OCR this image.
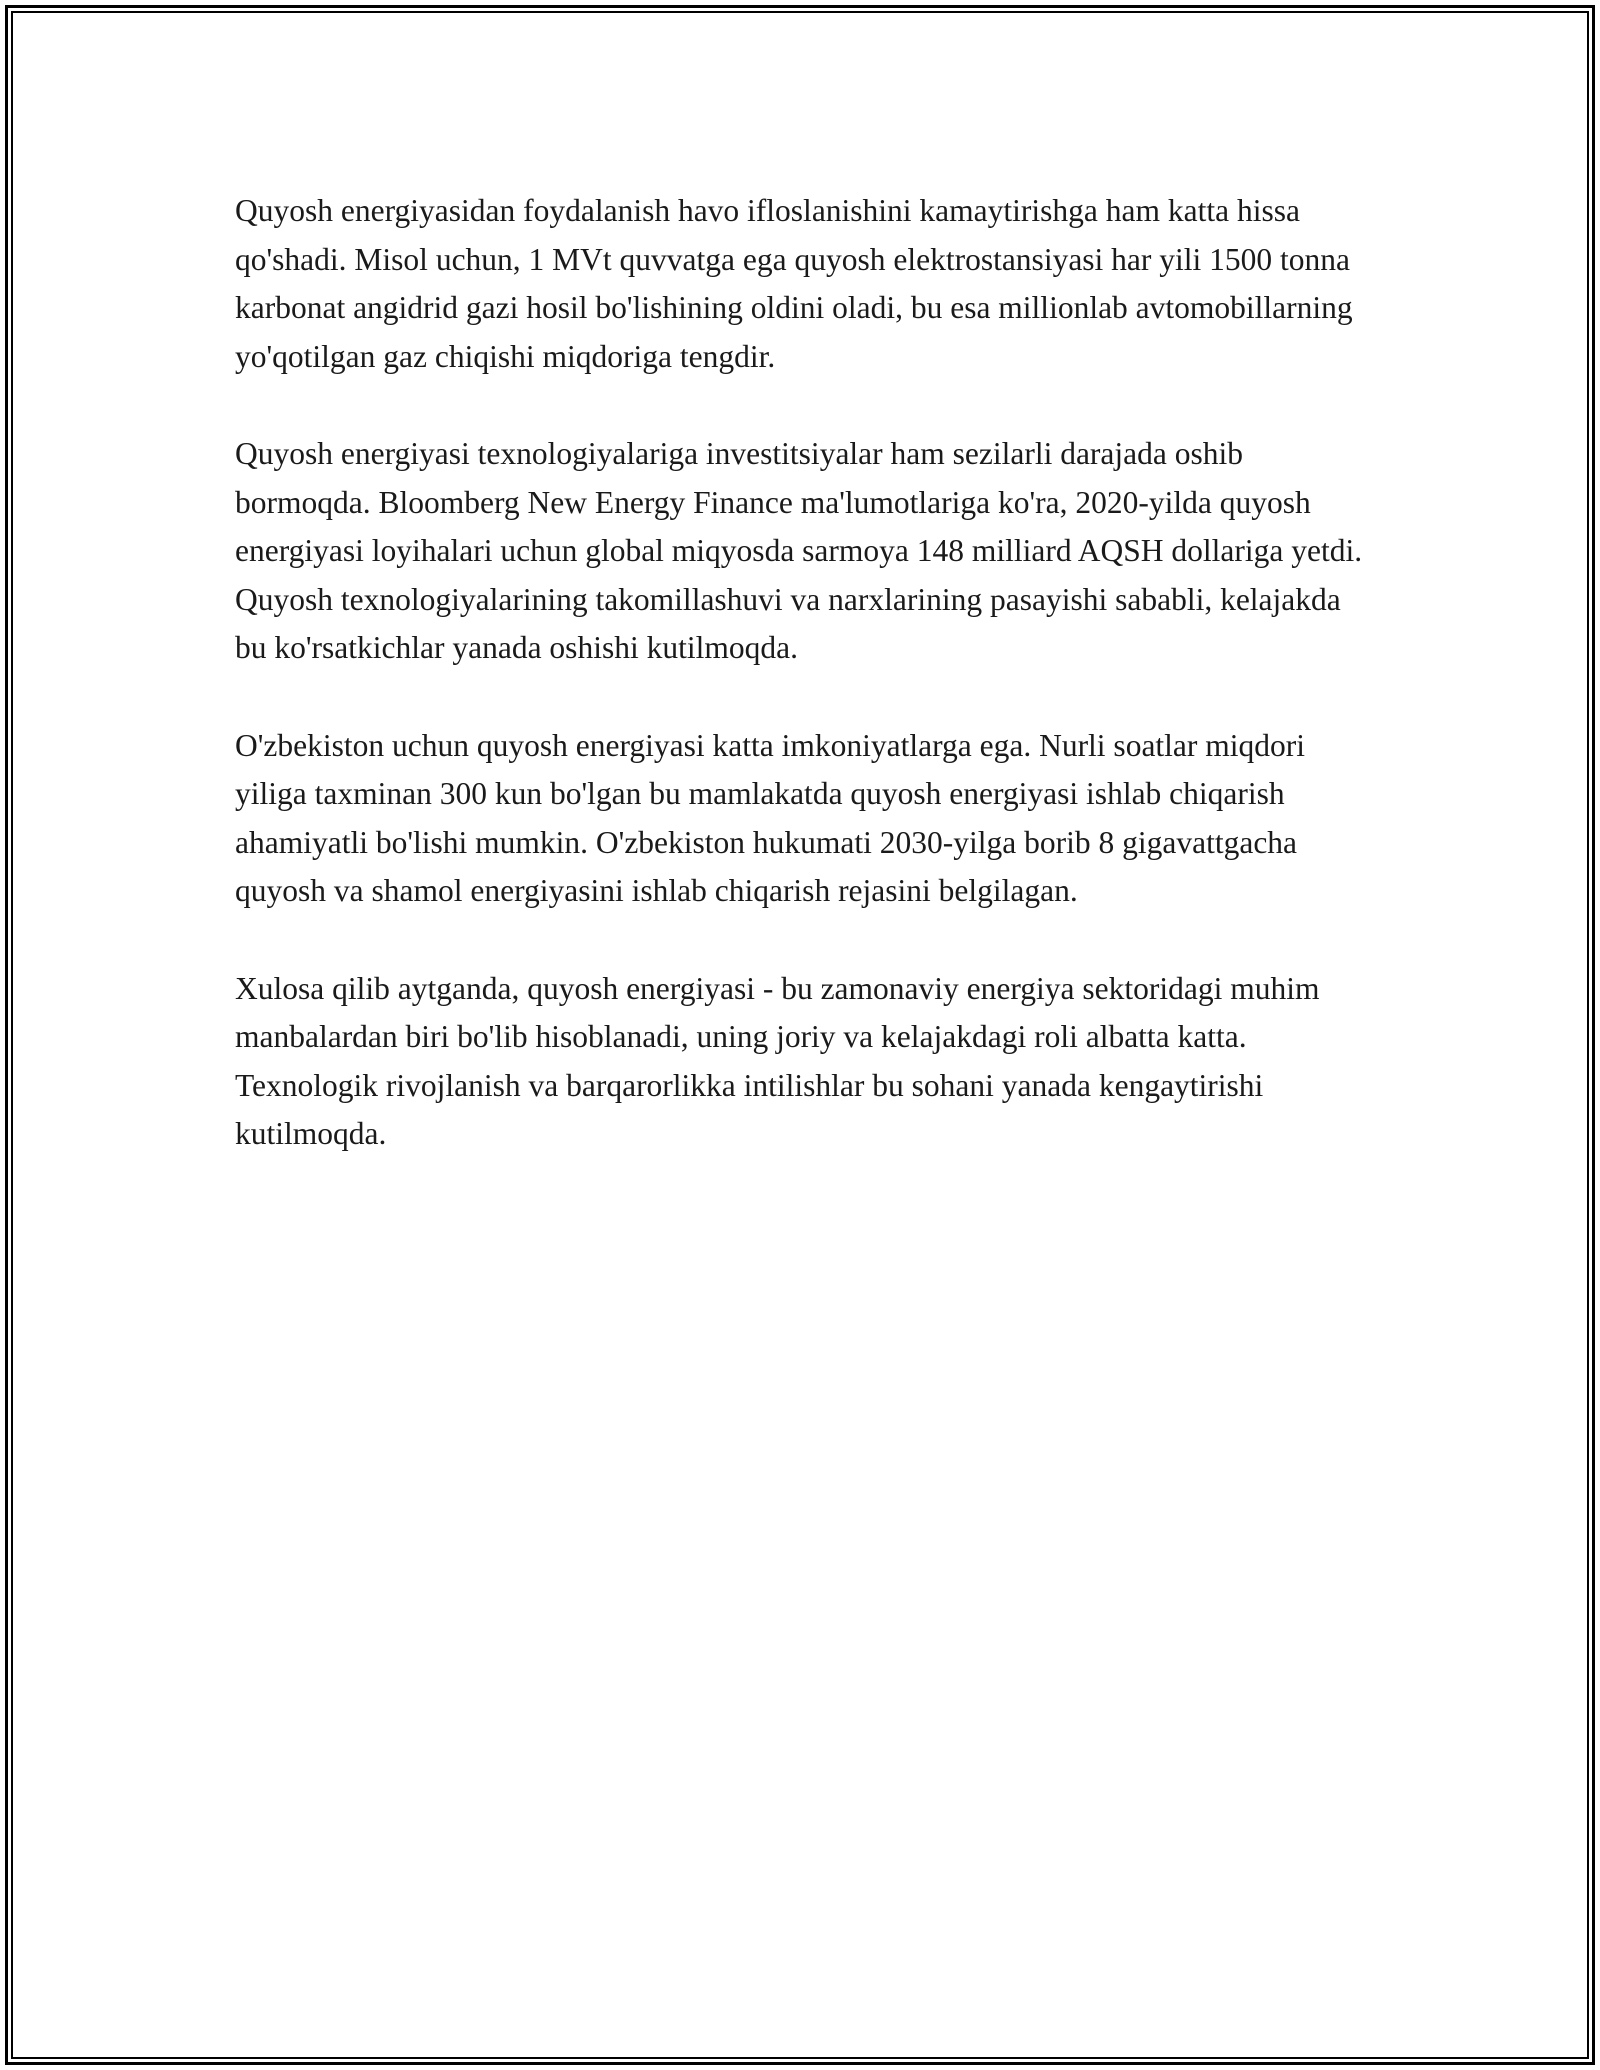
Quyosh energiyasidan foydalanish havo ifloslanishini kamaytirishga ham katta hissa qo'shadi. Misol uchun, 1 MVt quvvatga ega quyosh elektrostansiyasi har yili 1500 tonna karbonat angidrid gazi hosil bo'lishining oldini oladi, bu esa millionlab avtomobillarning yo'qotilgan gaz chiqishi miqdoriga tengdir.

Quyosh energiyasi texnologiyalariga investitsiyalar ham sezilarli darajada oshib bormoqda. Bloomberg New Energy Finance ma'lumotlariga ko'ra, 2020-yilda quyosh energiyasi loyihalari uchun global miqyosda sarmoya 148 milliard AQSH dollariga yetdi. Quyosh texnologiyalarining takomillashuvi va narxlarining pasayishi sababli, kelajakda bu ko'rsatkichlar yanada oshishi kutilmoqda.

O'zbekiston uchun quyosh energiyasi katta imkoniyatlarga ega. Nurli soatlar miqdori yiliga taxminan 300 kun bo'lgan bu mamlakatda quyosh energiyasi ishlab chiqarish ahamiyatli bo'lishi mumkin. O'zbekiston hukumati 2030-yilga borib 8 gigavattgacha quyosh va shamol energiyasini ishlab chiqarish rejasini belgilagan.

Xulosa qilib aytganda, quyosh energiyasi - bu zamonaviy energiya sektoridagi muhim manbalardan biri bo'lib hisoblanadi, uning joriy va kelajakdagi roli albatta katta. Texnologik rivojlanish va barqarorlikka intilishlar bu sohani yanada kengaytirishi kutilmoqda.
